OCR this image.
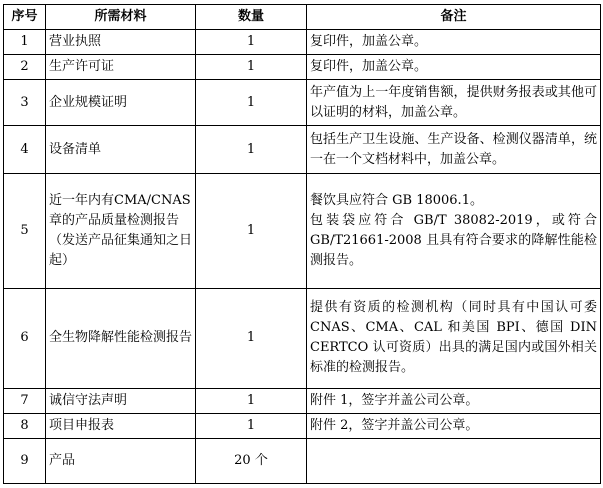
序号	所需材料	数量	备注
1	营业执照	1	复印件，加盖公章。

2	生产许可证	1	复印件，加盖公章。

3	企业规模证明	1	年产值为上一年度销售额，提供财务报表或其他可以证明的材料，加盖公章。

4	设备清单	1	包括生产卫生设施、生产设备、检测仪器清单，统一在一个文档材料中，加盖公章。

5	近一年内有CMA/CNAS 章的产品质量检测报告（发送产品征集通知之日起）	1	餐饮具应符合 GB 18006.1。
包装袋应符合 GB/T 38082-2019，或符合GB/T21661-2008 且具有符合要求的降解性能检测报告。

6	全生物降解性能检测报告	1	提供有资质的检测机构（同时具有中国认可委 CNAS、CMA、CAL 和美国 BPI、德国 DIN CERTCO 认可资质）出具的满足国内或国外相关标准的检测报告。

7	诚信守法声明	1	附件 1，签字并盖公司公章。

8	项目申报表	1	附件 2，签字并盖公司公章。

9	产品	20 个	
